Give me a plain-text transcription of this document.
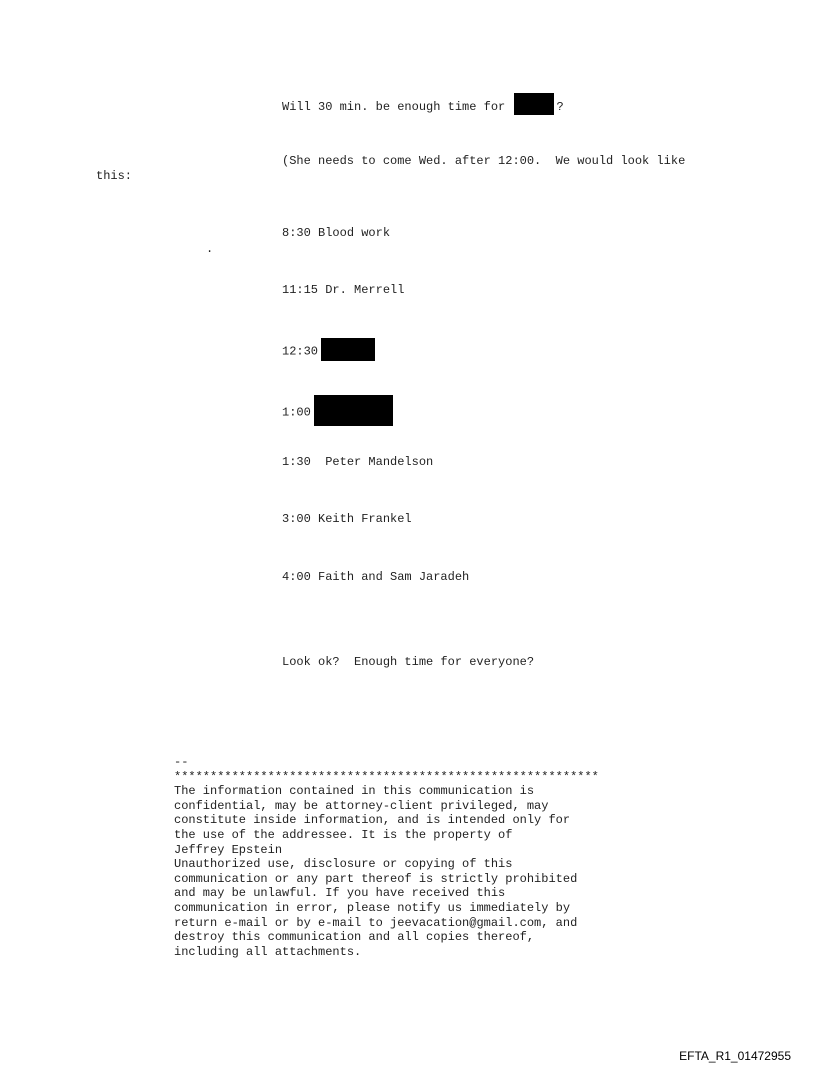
Will 30 min. be enough time for	?
(She needs to come Wed. after 12:00.  We would look like
this:
.
8:30 Blood work
11:15 Dr. Merrell
12:30
1:00
1:30  Peter Mandelson
3:00 Keith Frankel
4:00 Faith and Sam Jaradeh
Look ok?  Enough time for everyone?
--
***********************************************************
The information contained in this communication is
confidential, may be attorney-client privileged, may
constitute inside information, and is intended only for
the use of the addressee. It is the property of
Jeffrey Epstein
Unauthorized use, disclosure or copying of this
communication or any part thereof is strictly prohibited
and may be unlawful. If you have received this
communication in error, please notify us immediately by
return e-mail or by e-mail to jeevacation@gmail.com, and
destroy this communication and all copies thereof,
including all attachments.
EFTA_R1_01472955
